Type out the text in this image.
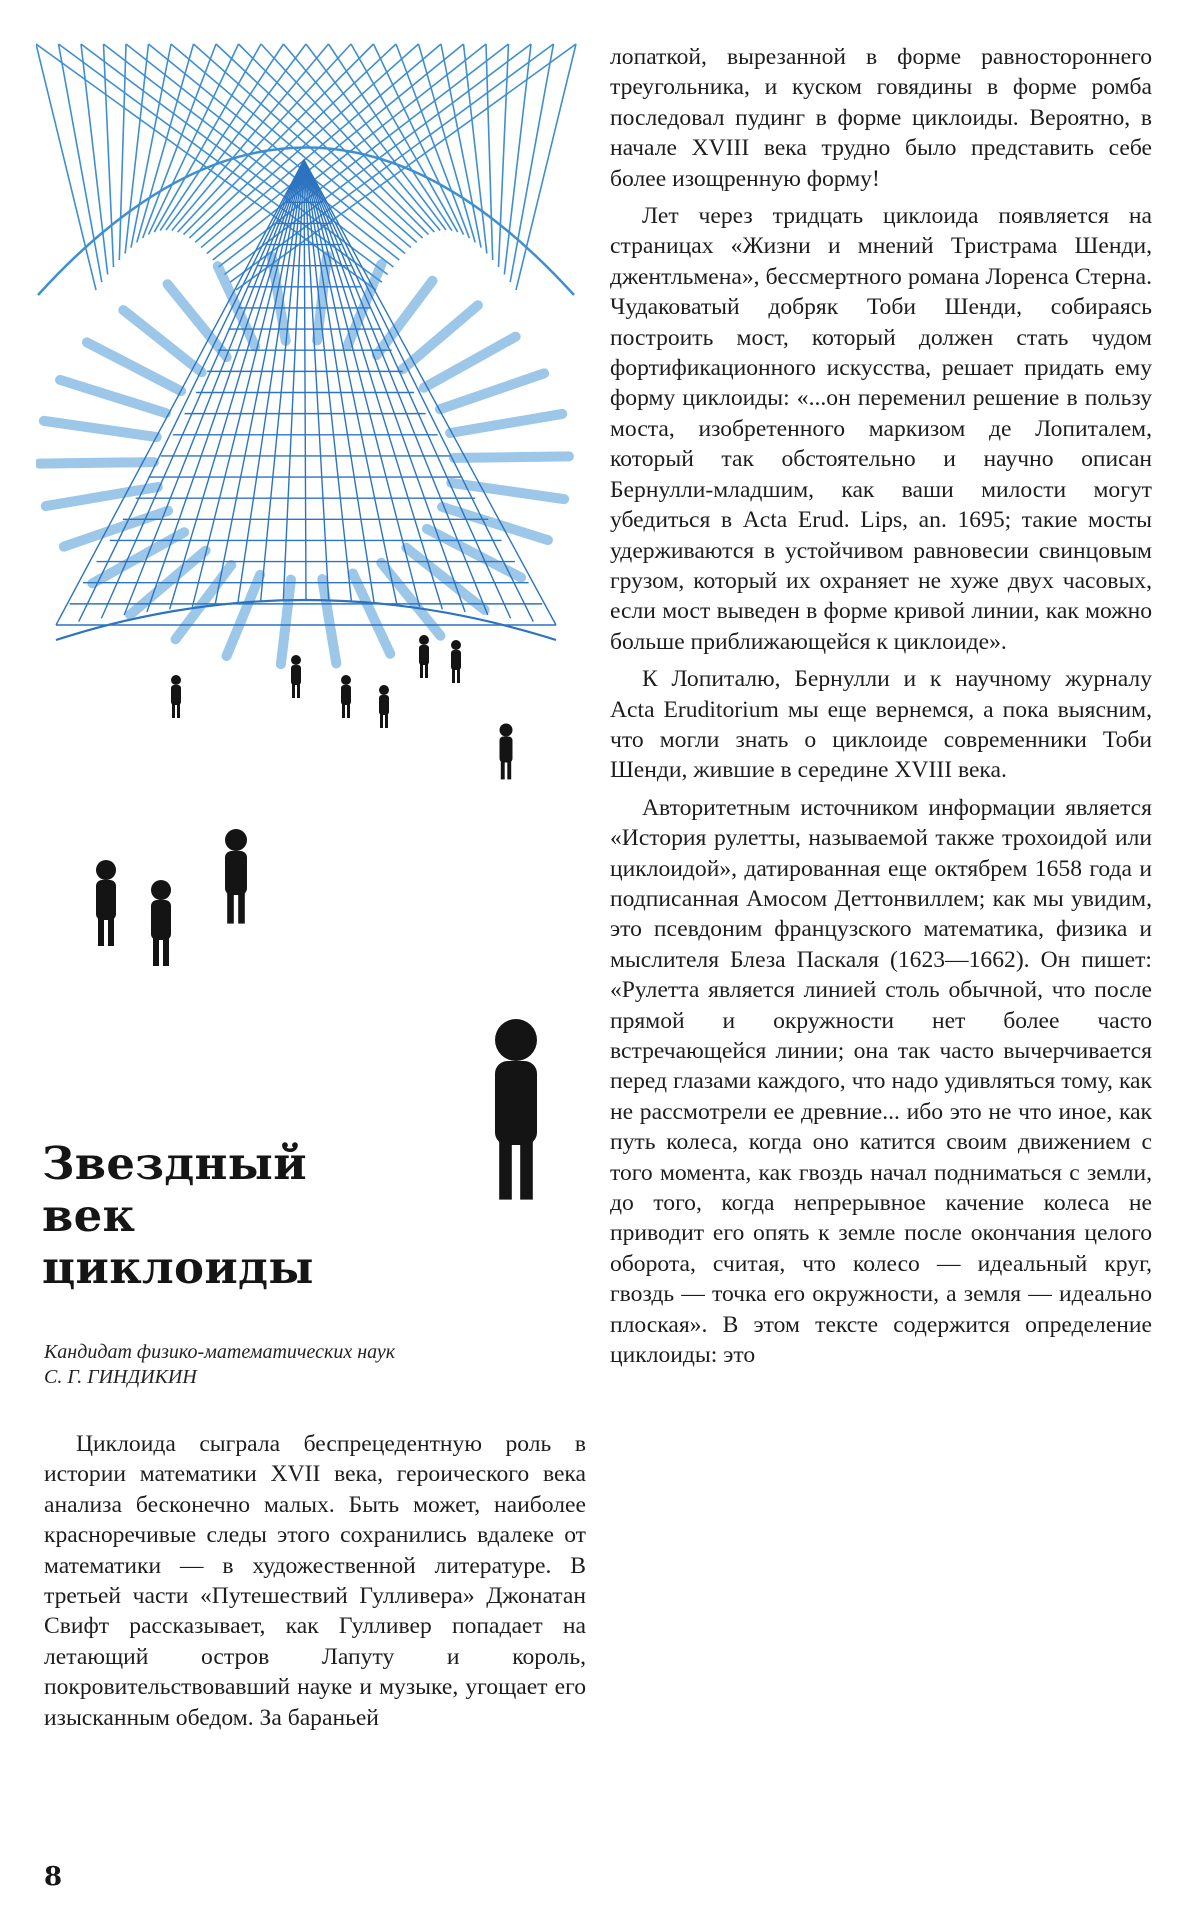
Звездный
век
циклоиды
Кандидат физико-математических наук
С. Г. ГИНДИКИН

Циклоида сыграла беспрецедентную роль в истории математики XVII века, героического века анализа бесконечно малых. Быть может, наиболее красноречивые следы этого сохранились вдалеке от математики — в художественной литературе. В третьей части «Путешествий Гулливера» Джонатан Свифт рассказывает, как Гулливер попадает на летающий остров Лапуту и король, покровительствовавший науке и музыке, угощает его изысканным обедом. За бараньей

лопаткой, вырезанной в форме равностороннего треугольника, и куском говядины в форме ромба последовал пудинг в форме циклоиды. Вероятно, в начале XVIII века трудно было представить себе более изощренную форму!

Лет через тридцать циклоида появляется на страницах «Жизни и мнений Тристрама Шенди, джентльмена», бессмертного романа Лоренса Стерна. Чудаковатый добряк Тоби Шенди, собираясь построить мост, который должен стать чудом фортификационного искусства, решает придать ему форму циклоиды: «...он переменил решение в пользу моста, изобретенного маркизом де Лопиталем, который так обстоятельно и научно описан Бернулли-младшим, как ваши милости могут убедиться в Acta Erud. Lips, an. 1695; такие мосты удерживаются в устойчивом равновесии свинцовым грузом, который их охраняет не хуже двух часовых, если мост выведен в форме кривой линии, как можно больше приближающейся к циклоиде».

К Лопиталю, Бернулли и к научному журналу Acta Eruditorium мы еще вернемся, а пока выясним, что могли знать о циклоиде современники Тоби Шенди, жившие в середине XVIII века.

Авторитетным источником информации является «История рулетты, называемой также трохоидой или циклоидой», датированная еще октябрем 1658 года и подписанная Амосом Деттонвиллем; как мы увидим, это псевдоним французского математика, физика и мыслителя Блеза Паскаля (1623—1662). Он пишет: «Рулетта является линией столь обычной, что после прямой и окружности нет более часто встречающейся линии; она так часто вычерчивается перед глазами каждого, что надо удивляться тому, как не рассмотрели ее древние... ибо это не что иное, как путь колеса, когда оно катится своим движением с того момента, как гвоздь начал подниматься с земли, до того, когда непрерывное качение колеса не приводит его опять к земле после окончания целого оборота, считая, что колесо — идеальный круг, гвоздь — точка его окружности, а земля — идеально плоская». В этом тексте содержится определение циклоиды: это

8
